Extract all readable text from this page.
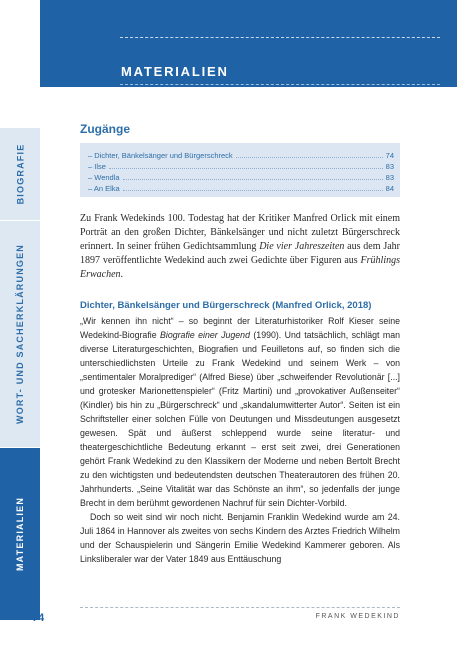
BIOGRAFIE
WORT- UND SACHERKLÄRUNGEN
MATERIALIEN
74
MATERIALIEN
Zugänge
– Dichter, Bänkelsänger und Bürgerschreck	74
– Ilse	83
– Wendla	83
– An Elka	84
Zu Frank Wedekinds 100. Todestag hat der Kritiker Manfred Orlick mit einem Porträt an den großen Dichter, Bänkelsänger und nicht zuletzt Bürgerschreck erinnert. In seiner frühen Gedichtsammlung Die vier Jahreszeiten aus dem Jahr 1897 veröffentlichte Wedekind auch zwei Gedichte über Figuren aus Frühlings Erwachen.
Dichter, Bänkelsänger und Bürgerschreck (Manfred Orlick, 2018)

„Wir kennen ihn nicht“ – so beginnt der Literaturhistoriker Rolf Kieser seine Wedekind-Biografie Biografie einer Jugend (1990). Und tatsächlich, schlägt man diverse Literaturgeschichten, Biografien und Feuilletons auf, so finden sich die unterschiedlichsten Urteile zu Frank Wedekind und seinem Werk – von „sentimentaler Moralprediger“ (Alfred Biese) über „schweifender Revolutionär [...] und grotesker Marionettenspieler“ (Fritz Martini) und „provokativer Außenseiter“ (Kindler) bis hin zu „Bürgerschreck“ und „skandalumwitterter Autor“. Seiten ist ein Schriftsteller einer solchen Fülle von Deutungen und Missdeutungen ausgesetzt gewesen. Spät und äußerst schleppend wurde seine literatur- und theatergeschichtliche Bedeutung erkannt – erst seit zwei, drei Generationen gehört Frank Wedekind zu den Klassikern der Moderne und neben Bertolt Brecht zu den wichtigsten und bedeutendsten deutschen Theaterautoren des frühen 20. Jahrhunderts. „Seine Vitalität war das Schönste an ihm“, so jedenfalls der junge Brecht in dem berühmt gewordenen Nachruf für sein Dichter-Vorbild.

Doch so weit sind wir noch nicht. Benjamin Franklin Wedekind wurde am 24. Juli 1864 in Hannover als zweites von sechs Kindern des Arztes Friedrich Wilhelm und der Schauspielerin und Sängerin Emilie Wedekind Kammerer geboren. Als Linksliberaler war der Vater 1849 aus Enttäuschung

FRANK WEDEKIND
